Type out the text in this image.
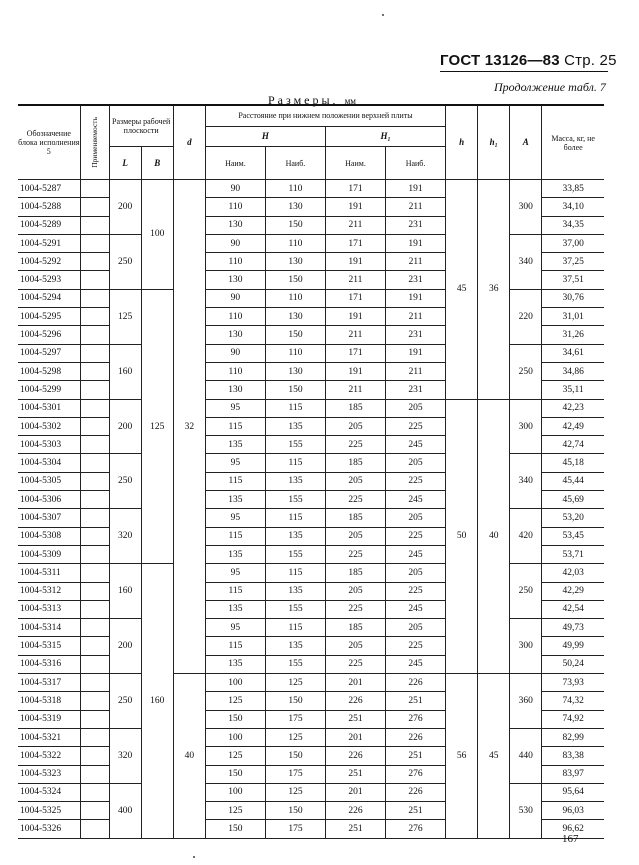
ГОСТ 13126—83 Стр. 25
Продолжение табл. 7
Размеры, мм
Обозначение блока исполнения 5	Применяемость	Размеры рабочей плоскости		d	Расстояние при нижнем положении верхней плиты				h	h₁	A	Масса, кг, не более
					H		H₁					
		L	B		Наим.	Наиб.	Наим.	Наиб.				
1004-5287		200	100	32	90	110	171	191	45	36	300	33,85
1004-5288					110	130	191	211				34,10
1004-5289					130	150	211	231				34,35
1004-5291		250			90	110	171	191			340	37,00
1004-5292					110	130	191	211				37,25
1004-5293					130	150	211	231				37,51
1004-5294		125	125		90	110	171	191			220	30,76
1004-5295					110	130	191	211				31,01
1004-5296					130	150	211	231				31,26
1004-5297		160			90	110	171	191			250	34,61
1004-5298					110	130	191	211				34,86
1004-5299					130	150	211	231				35,11
1004-5301		200			95	115	185	205	50	40	300	42,23
1004-5302					115	135	205	225				42,49
1004-5303					135	155	225	245				42,74
1004-5304		250			95	115	185	205			340	45,18
1004-5305					115	135	205	225				45,44
1004-5306					135	155	225	245				45,69
1004-5307		320			95	115	185	205			420	53,20
1004-5308					115	135	205	225				53,45
1004-5309					135	155	225	245				53,71
1004-5311		160	160		95	115	185	205			250	42,03
1004-5312					115	135	205	225				42,29
1004-5313					135	155	225	245				42,54
1004-5314		200			95	115	185	205			300	49,73
1004-5315					115	135	205	225				49,99
1004-5316					135	155	225	245				50,24
1004-5317		250		40	100	125	201	226	56	45	360	73,93
1004-5318					125	150	226	251				74,32
1004-5319					150	175	251	276				74,92
1004-5321		320			100	125	201	226			440	82,99
1004-5322					125	150	226	251				83,38
1004-5323					150	175	251	276				83,97
1004-5324		400			100	125	201	226			530	95,64
1004-5325					125	150	226	251				96,03
1004-5326					150	175	251	276				96,62
167
